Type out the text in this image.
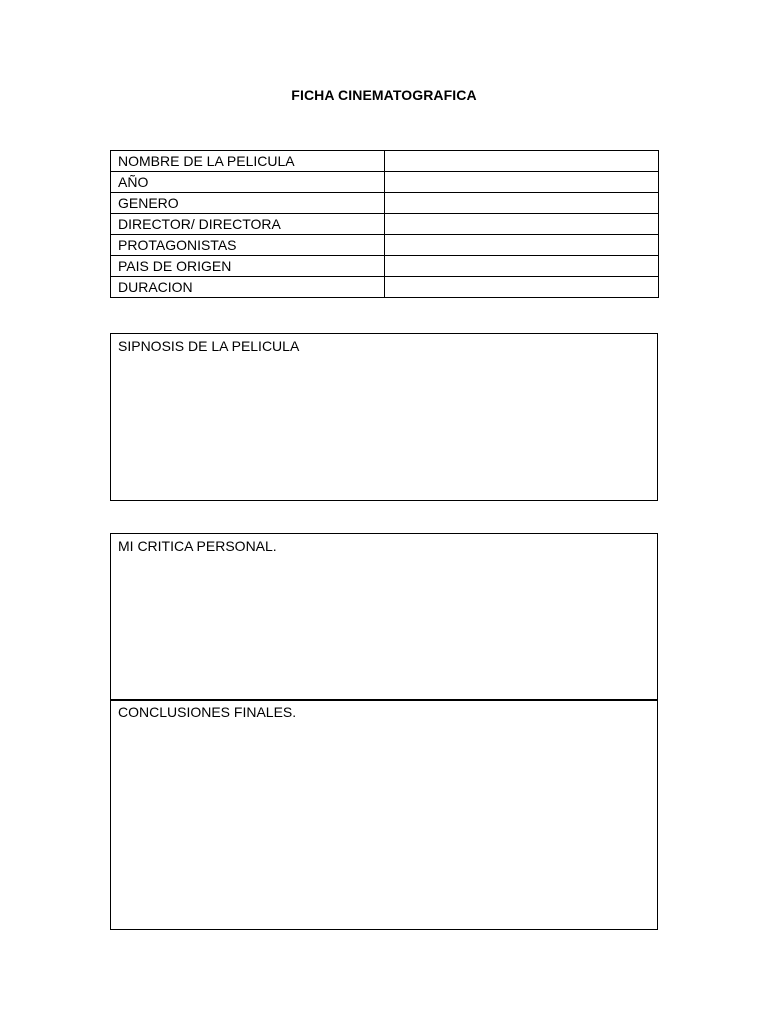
FICHA CINEMATOGRAFICA
NOMBRE DE LA PELICULA	
AÑO	
GENERO	
DIRECTOR/ DIRECTORA	
PROTAGONISTAS	
PAIS DE ORIGEN	
DURACION	
SIPNOSIS DE LA PELICULA
MI CRITICA PERSONAL.
CONCLUSIONES FINALES.
